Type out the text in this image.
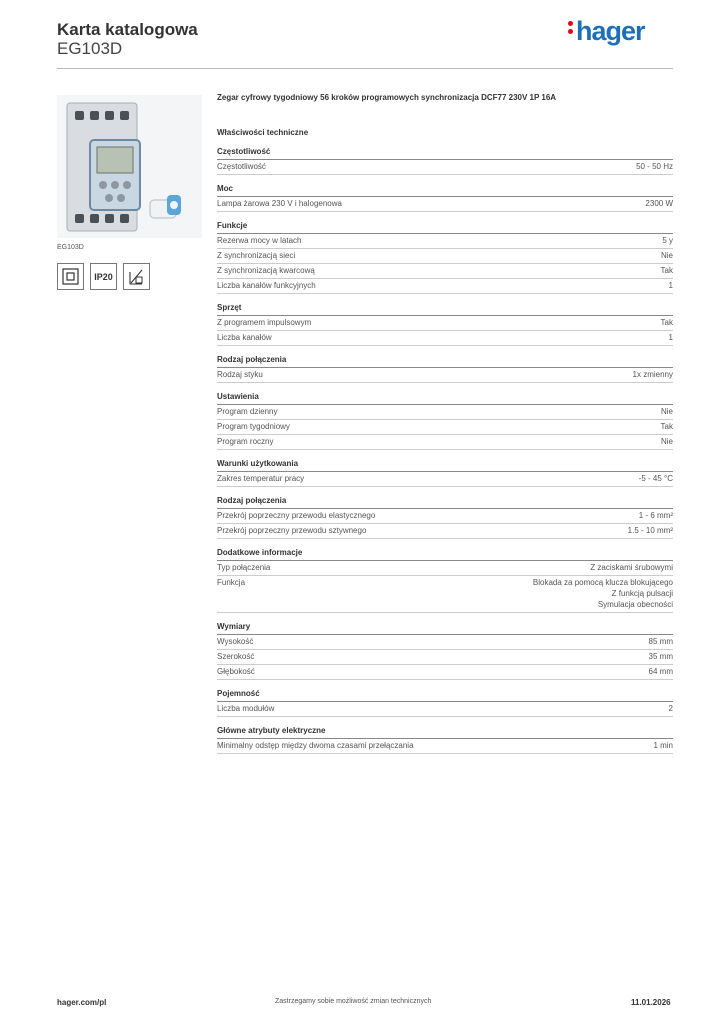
Karta katalogowa
EG103D
hager
EG103D
IP20
Zegar cyfrowy tygodniowy 56 kroków programowych synchronizacja DCF77 230V 1P 16A
Właściwości techniczne
Częstotliwość
Częstotliwość	50 - 50 Hz
Moc
Lampa żarowa 230 V i halogenowa	2300 W
Funkcje
Rezerwa mocy w latach	5 y
Z synchronizacją sieci	Nie
Z synchronizacją kwarcową	Tak
Liczba kanałów funkcyjnych	1
Sprzęt
Z programem impulsowym	Tak
Liczba kanałów	1
Rodzaj połączenia
Rodzaj styku	1x zmienny
Ustawienia
Program dzienny	Nie
Program tygodniowy	Tak
Program roczny	Nie
Warunki użytkowania
Zakres temperatur pracy	-5 - 45 °C
Rodzaj połączenia
Przekrój poprzeczny przewodu elastycznego	1 - 6 mm²
Przekrój poprzeczny przewodu sztywnego	1.5 - 10 mm²
Dodatkowe informacje
Typ połączenia	Z zaciskami śrubowymi
Funkcja	Blokada za pomocą klucza blokującego
Z funkcją pulsacji
Symulacja obecności
Wymiary
Wysokość	85 mm
Szerokość	35 mm
Głębokość	64 mm
Pojemność
Liczba modułów	2
Główne atrybuty elektryczne
Minimalny odstęp między dwoma czasami przełączania	1 min
hager.com/pl	Zastrzegamy sobie możliwość zmian technicznych	11.01.2026
